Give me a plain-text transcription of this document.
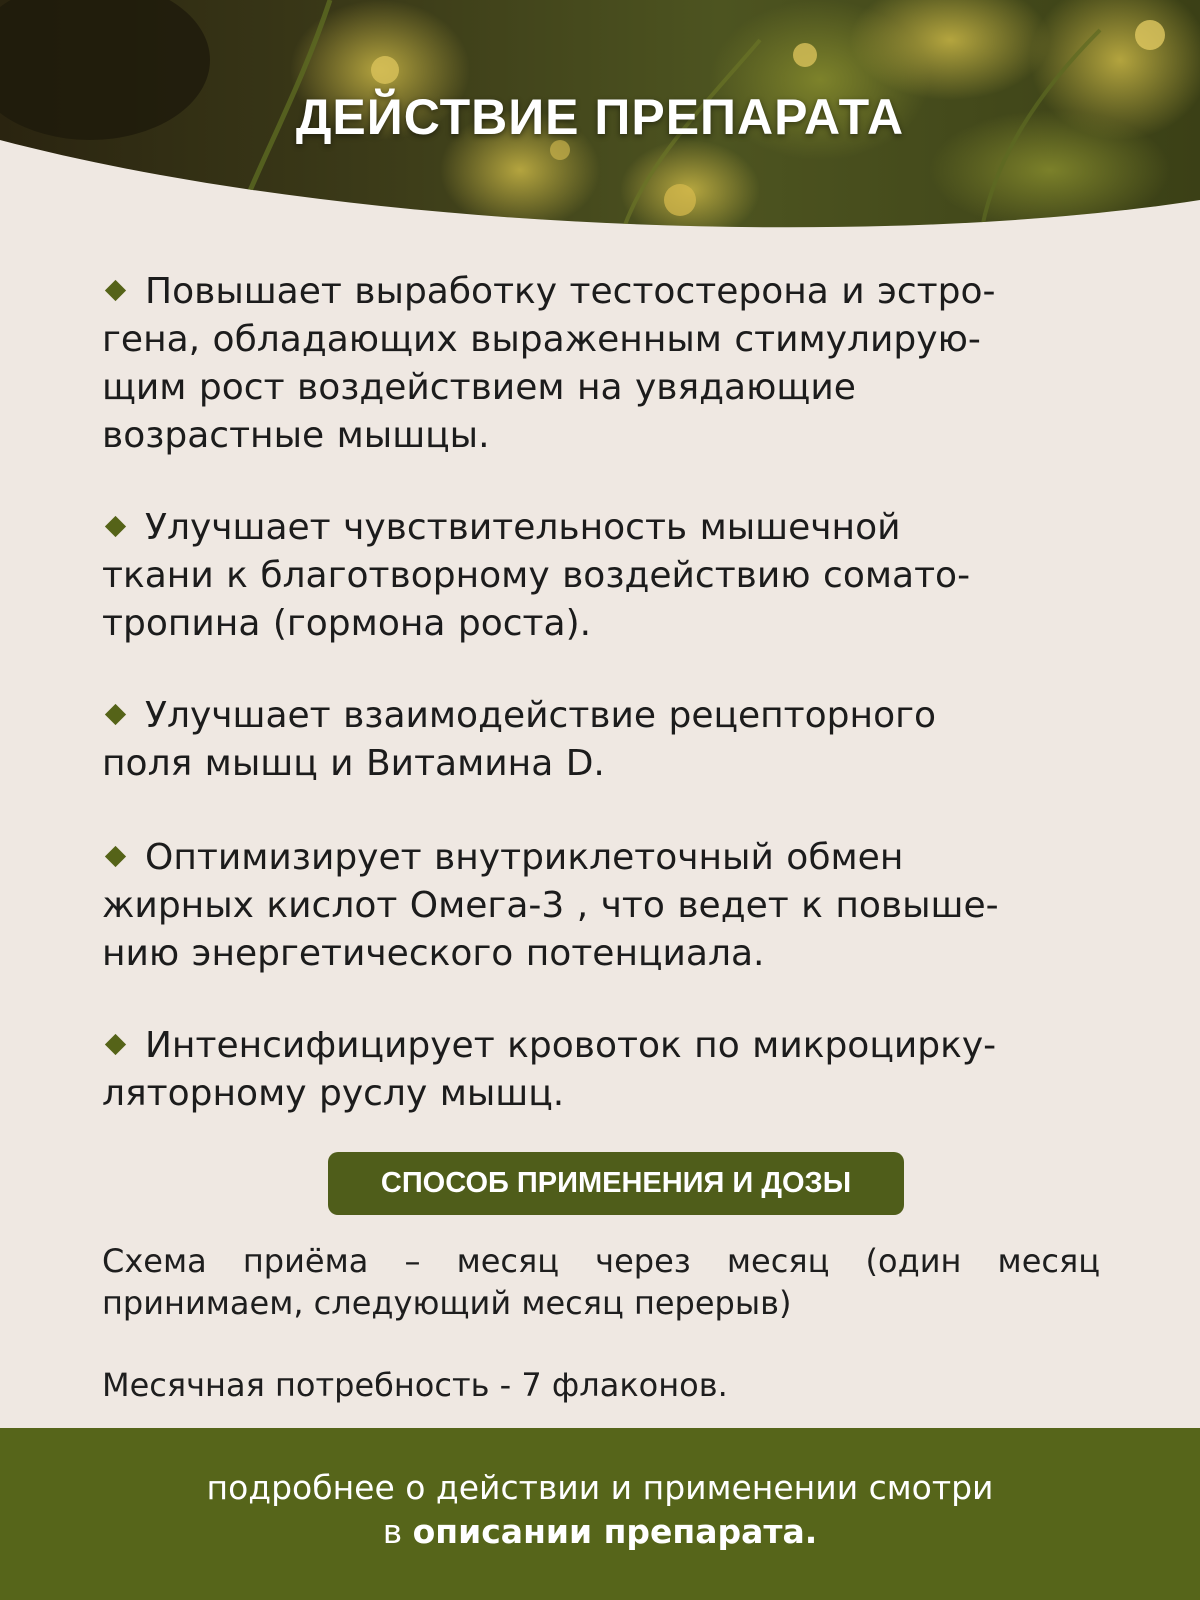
ДЕЙСТВИЕ ПРЕПАРАТА
Повышает выработку тестостерона и эстро-
гена, обладающих выраженным стимулирую-
щим рост воздействием на увядающие
возрастные мышцы.
Улучшает чувствительность мышечной
ткани к благотворному воздействию сомато-
тропина (гормона роста).
Улучшает взаимодействие рецепторного
поля мышц и Витамина D.
Оптимизирует внутриклеточный обмен
жирных кислот Омега-3 , что ведет к повыше-
нию энергетического потенциала.
Интенсифицирует кровоток по микроцирку-
ляторному руслу мышц.
СПОСОБ ПРИМЕНЕНИЯ И ДОЗЫ
Схема приёма – месяц через месяц (один месяц принимаем, следующий месяц перерыв)
Месячная потребность - 7 флаконов.
подробнее о действии и применении смотри
в описании препарата.
